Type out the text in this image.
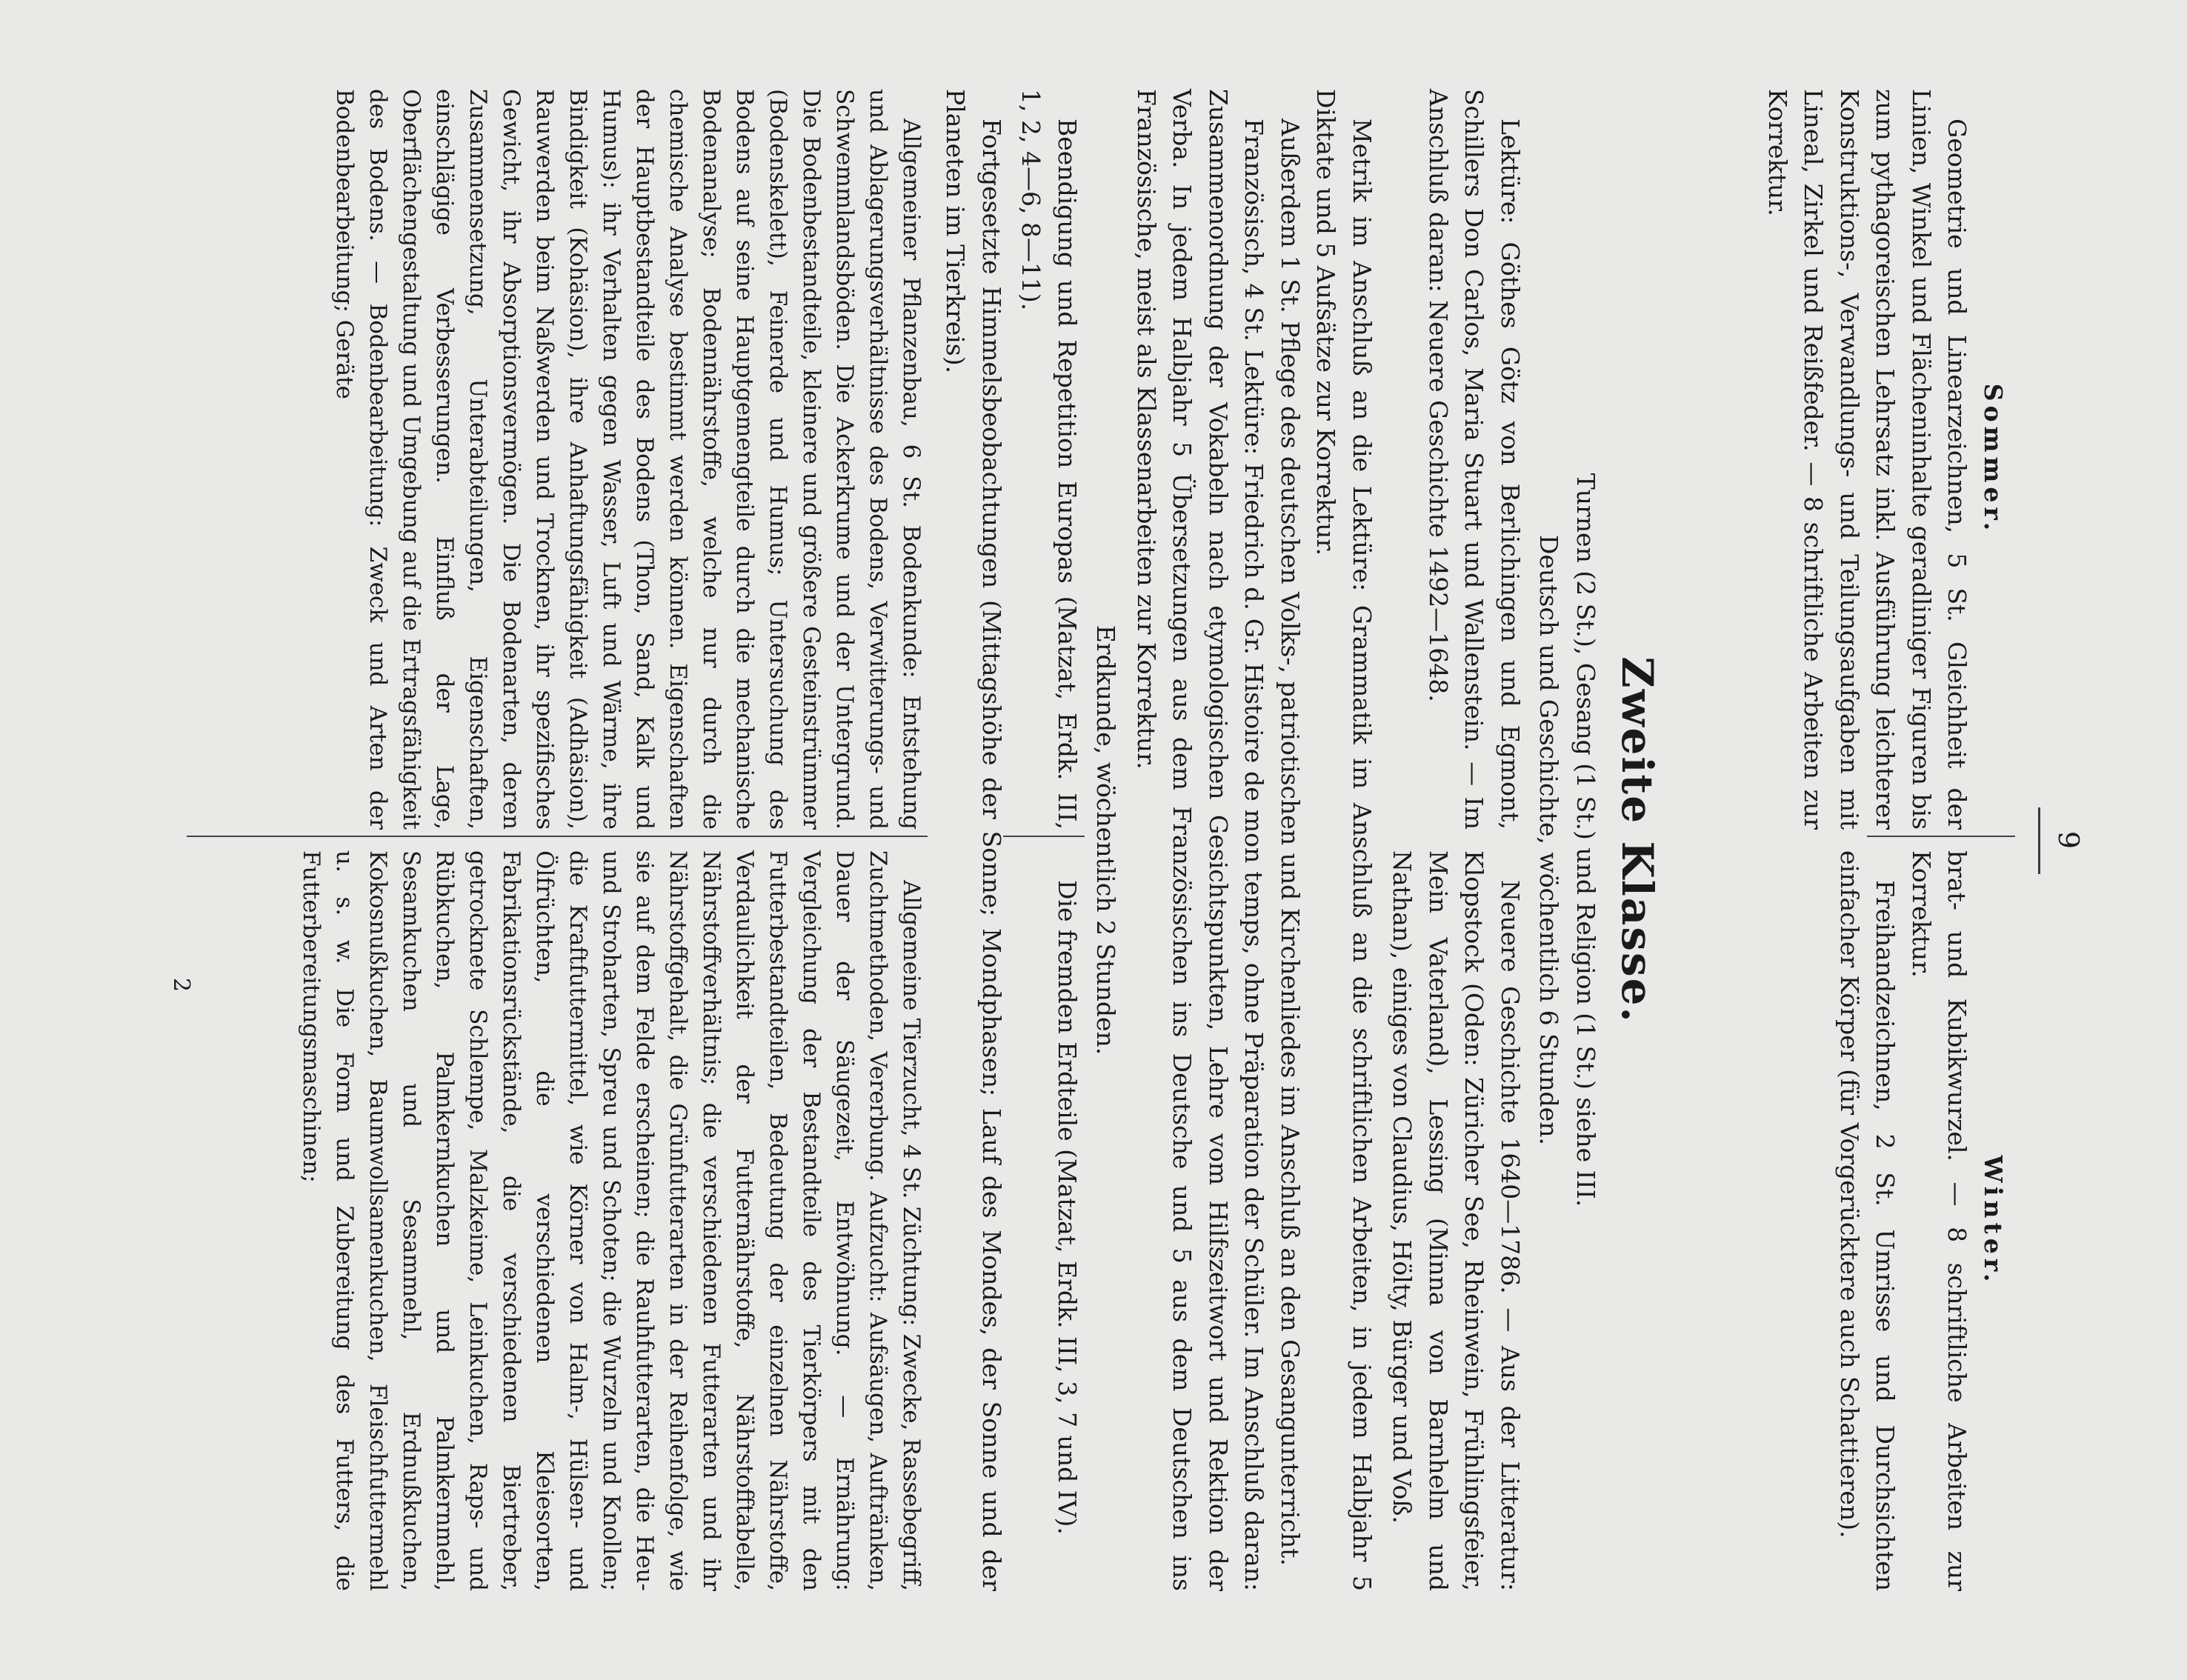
9

Sommer.

Geometrie und Linearzeichnen, 5 St. Gleichheit der Linien, Winkel und Flächeninhalte geradliniger Figuren bis zum pythagoreischen Lehrsatz inkl. Ausführung leichterer Konstruktions-, Verwandlungs- und Teilungsaufgaben mit Lineal, Zirkel und Reißfeder. — 8 schriftliche Arbeiten zur Korrektur.

Winter.

brat- und Kubikwurzel. — 8 schriftliche Arbeiten zur Korrektur.

Freihandzeichnen, 2 St. Umrisse und Durchsichten einfacher Körper (für Vorgerücktere auch Schattieren).

Zweite Klasse.
Turnen (2 St.), Gesang (1 St.) und Religion (1 St.) siehe III.
Deutsch und Geschichte, wöchentlich 6 Stunden.

Lektüre: Göthes Götz von Berlichingen und Egmont, Schillers Don Carlos, Maria Stuart und Wallenstein. — Im Anschluß daran: Neuere Geschichte 1492—1648.

Neuere Geschichte 1640—1786. — Aus der Litteratur: Klopstock (Oden: Züricher See, Rheinwein, Frühlingsfeier, Mein Vaterland), Lessing (Minna von Barnhelm und Nathan), einiges von Claudius, Hölty, Bürger und Voß.

Metrik im Anschluß an die Lektüre: Grammatik im Anschluß an die schriftlichen Arbeiten, in jedem Halbjahr 5 Diktate und 5 Aufsätze zur Korrektur.

Außerdem 1 St. Pflege des deutschen Volks-, patriotischen und Kirchenliedes im Anschluß an den Gesangunterricht.

Französisch, 4 St. Lektüre: Friedrich d. Gr. Histoire de mon temps, ohne Präparation der Schüler. Im Anschluß daran: Zusammenordnung der Vokabeln nach etymologischen Gesichtspunkten, Lehre vom Hilfszeitwort und Rektion der Verba. In jedem Halbjahr 5 Übersetzungen aus dem Französischen ins Deutsche und 5 aus dem Deutschen ins Französische, meist als Klassenarbeiten zur Korrektur.

Erdkunde, wöchentlich 2 Stunden.

Beendigung und Repetition Europas (Matzat, Erdk. III, 1, 2, 4—6, 8—11).

Die fremden Erdteile (Matzat, Erdk. III, 3, 7 und IV).

Fortgesetzte Himmelsbeobachtungen (Mittagshöhe der Sonne; Mondphasen; Lauf des Mondes, der Sonne und der Planeten im Tierkreis).

Allgemeiner Pflanzenbau, 6 St. Bodenkunde: Entstehung und Ablagerungsverhältnisse des Bodens, Verwitterungs- und Schwemmlandsböden. Die Ackerkrume und der Untergrund. Die Bodenbestandteile, kleinere und größere Gesteinstrümmer (Bodenskelett), Feinerde und Humus; Untersuchung des Bodens auf seine Hauptgemengteile durch die mechanische Bodenanalyse; Bodennährstoffe, welche nur durch die chemische Analyse bestimmt werden können. Eigenschaften der Hauptbestandteile des Bodens (Thon, Sand, Kalk und Humus): ihr Verhalten gegen Wasser, Luft und Wärme, ihre Bindigkeit (Kohäsion), ihre Anhaftungsfähigkeit (Adhäsion), Rauwerden beim Naßwerden und Trocknen, ihr spezifisches Gewicht, ihr Absorptionsvermögen. Die Bodenarten, deren Zusammensetzung, Unterabteilungen, Eigenschaften, einschlägige Verbesserungen. Einfluß der Lage, Oberflächengestaltung und Umgebung auf die Ertragsfähigkeit des Bodens. — Bodenbearbeitung: Zweck und Arten der Bodenbearbeitung; Geräte

Allgemeine Tierzucht, 4 St. Züchtung: Zwecke, Rassebegriff, Zuchtmethoden, Vererbung. Aufzucht: Aufsäugen, Auftränken, Dauer der Säugezeit, Entwöhnung. — Ernährung: Vergleichung der Bestandteile des Tierkörpers mit den Futterbestandteilen, Bedeutung der einzelnen Nährstoffe, Verdaulichkeit der Futternährstoffe, Nährstofftabelle, Nährstoffverhältnis; die verschiedenen Futterarten und ihr Nährstoffgehalt, die Grünfutterarten in der Reihenfolge, wie sie auf dem Felde erscheinen; die Rauhfutterarten, die Heu- und Stroharten, Spreu und Schoten; die Wurzeln und Knollen; die Kraftfuttermittel, wie Körner von Halm-, Hülsen- und Ölfrüchten, die verschiedenen Kleiesorten, Fabrikationsrückstände, die verschiedenen Biertreber, getrocknete Schlempe, Malzkeime, Leinkuchen, Raps- und Rübkuchen, Palmkernkuchen und Palmkernmehl, Sesamkuchen und Sesammehl, Erdnußkuchen, Kokosnußkuchen, Baumwollsamenkuchen, Fleischfuttermehl u. s. w. Die Form und Zubereitung des Futters, die Futterbereitungsmaschinen;

2
